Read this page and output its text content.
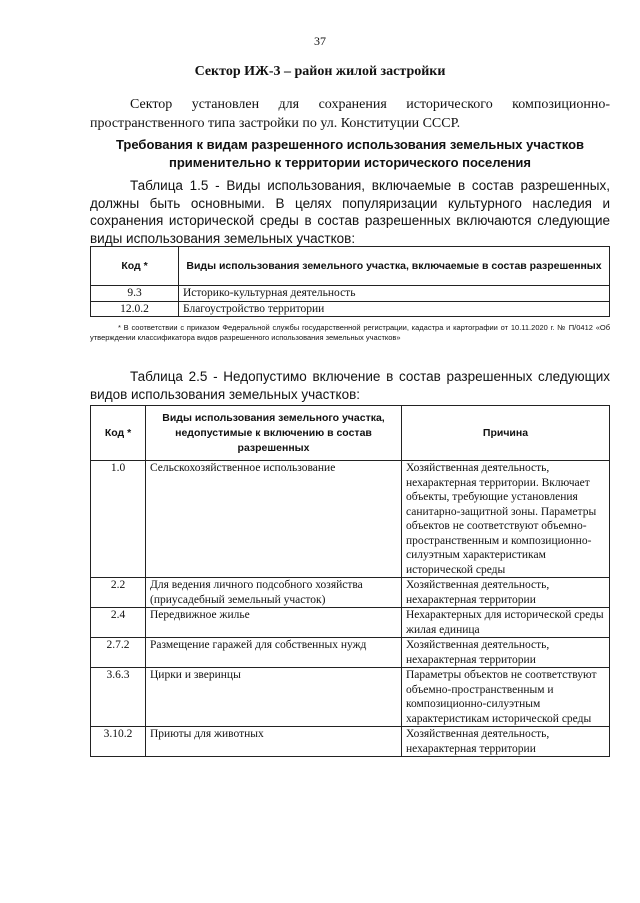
37
Сектор ИЖ-3 – район жилой застройки
Сектор установлен для сохранения исторического композиционно-пространственного типа застройки по ул. Конституции СССР.
Требования к видам разрешенного использования земельных участков применительно к территории исторического поселения
Таблица 1.5 - Виды использования, включаемые в состав разрешенных, должны быть основными. В целях популяризации культурного наследия и сохранения исторической среды в состав разрешенных включаются следующие виды использования земельных участков:
Код *	Виды использования земельного участка, включаемые в состав разрешенных
9.3	Историко-культурная деятельность
12.0.2	Благоустройство территории
* В соответствии с приказом Федеральной службы государственной регистрации, кадастра и картографии от 10.11.2020 г. № П/0412 «Об утверждении классификатора видов разрешенного использования земельных участков»
Таблица 2.5 - Недопустимо включение в состав разрешенных следующих видов использования земельных участков:
Код *	Виды использования земельного участка, недопустимые к включению в состав разрешенных	Причина
1.0	Сельскохозяйственное использование	Хозяйственная деятельность, нехарактерная территории. Включает объекты, требующие установления санитарно-защитной зоны. Параметры объектов не соответствуют объемно-пространственным и композиционно-силуэтным характеристикам исторической среды
2.2	Для ведения личного подсобного хозяйства (приусадебный земельный участок)	Хозяйственная деятельность, нехарактерная территории
2.4	Передвижное жилье	Нехарактерных для исторической среды жилая единица
2.7.2	Размещение гаражей для собственных нужд	Хозяйственная деятельность, нехарактерная территории
3.6.3	Цирки и зверинцы	Параметры объектов не соответствуют объемно-пространственным и композиционно-силуэтным характеристикам исторической среды
3.10.2	Приюты для животных	Хозяйственная деятельность, нехарактерная территории
